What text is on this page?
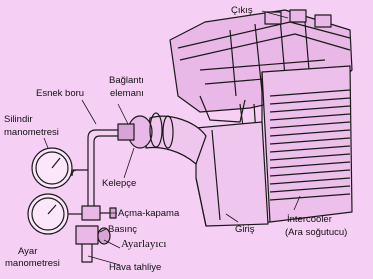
Çıkış
Esnek boru
Bağlantı
elemanı
Silindir
manometresi
Kelepçe
Açma-kapama
Basınç
Ayarlayıcı
Ayar
manometresi	Hava tahliye
Giriş
İntercooler
(Ara soğutucu)
